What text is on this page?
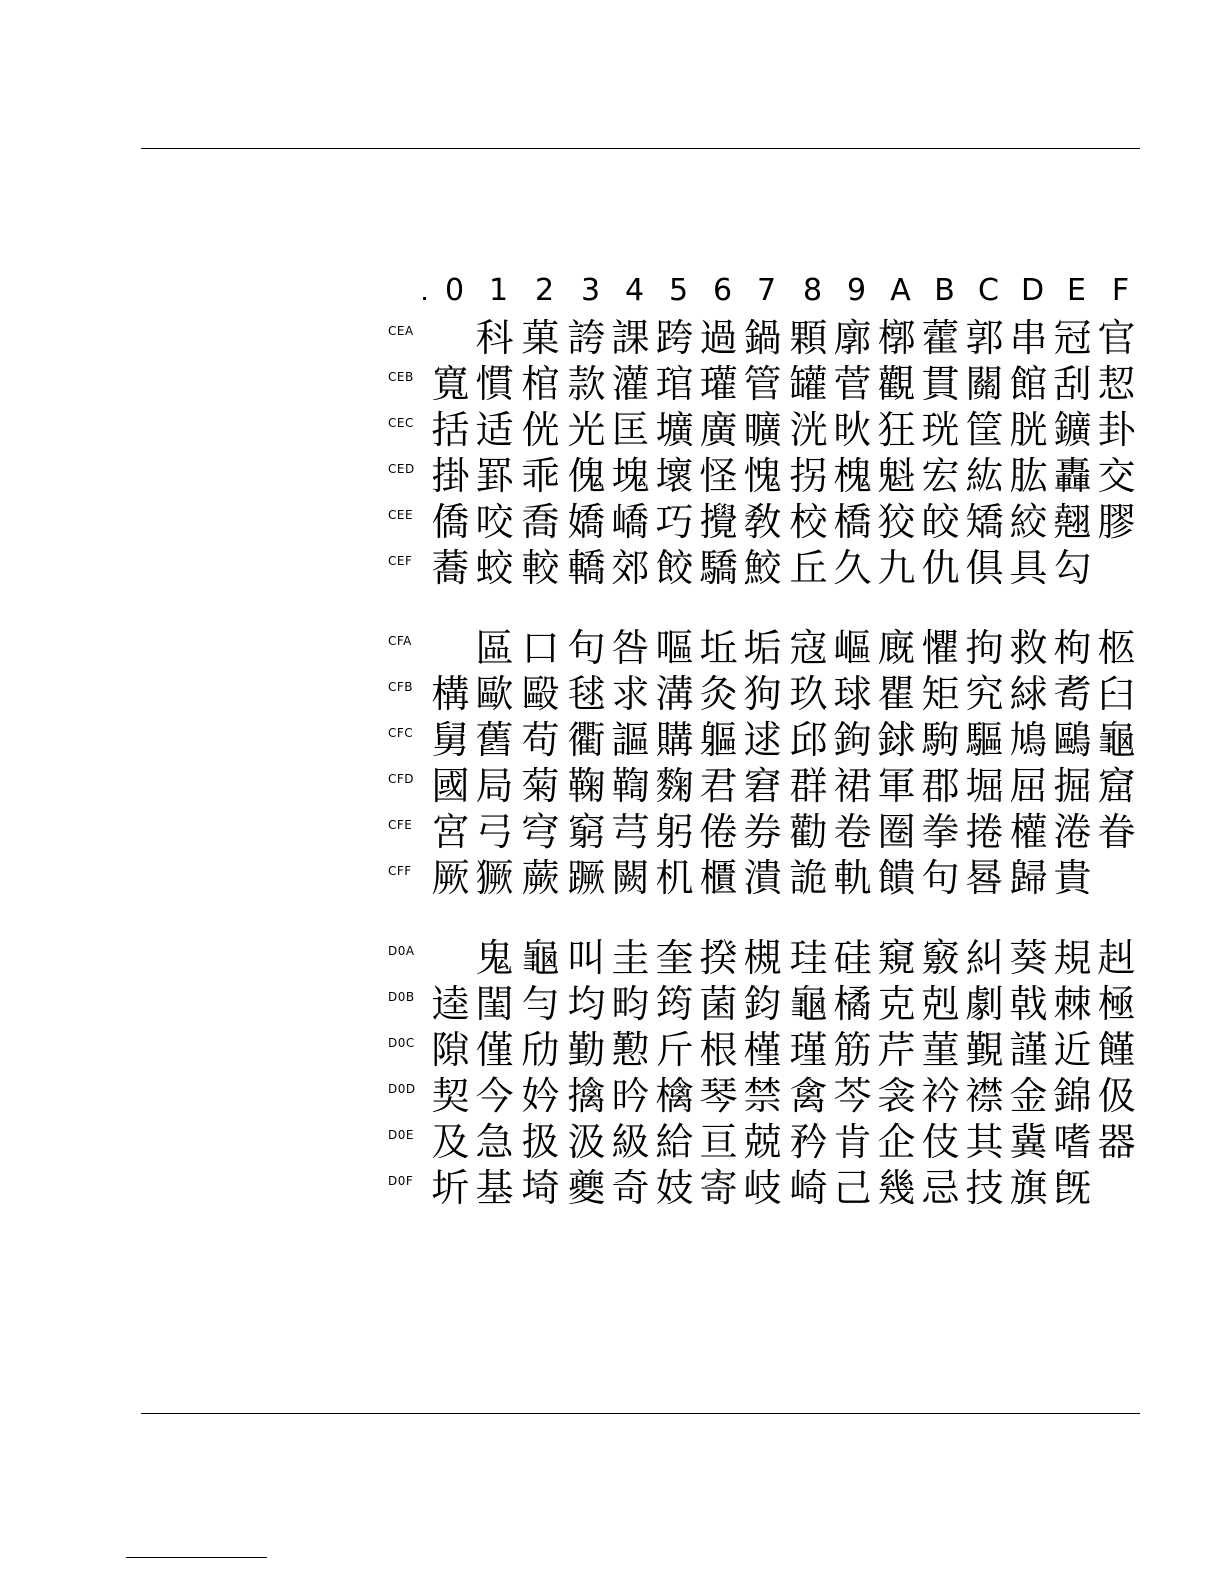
0 1 2 3 4 5 6 7 8 9 A B C D E F
CEA 科 菓 誇 課 跨 過 鍋 顆 廓 槨 藿 郭 串 冠 官
CEB 寬 慣 棺 款 灌 琯 瓘 管 罐 菅 觀 貫 關 館 刮 恝
CEC 括 适 侊 光 匡 壙 廣 曠 洸 炚 狂 珖 筐 胱 鑛 卦
CED 掛 罫 乖 傀 塊 壞 怪 愧 拐 槐 魁 宏 紘 肱 轟 交
CEE 僑 咬 喬 嬌 嶠 巧 攪 敎 校 橋 狡 皎 矯 絞 翹 膠
CEF 蕎 蛟 較 轎 郊 餃 驕 鮫 丘 久 九 仇 俱 具 勾
CFA 區 口 句 咎 嘔 坵 垢 寇 嶇 廐 懼 拘 救 枸 柩
CFB 構 歐 毆 毬 求 溝 灸 狗 玖 球 瞿 矩 究 絿 耉 臼
CFC 舅 舊 苟 衢 謳 購 軀 逑 邱 鉤 銶 駒 驅 鳩 鷗 龜
CFD 國 局 菊 鞠 鞫 麴 君 窘 群 裙 軍 郡 堀 屈 掘 窟
CFE 宮 弓 穹 窮 芎 躬 倦 券 勸 卷 圈 拳 捲 權 淃 眷
CFF 厥 獗 蕨 蹶 闕 机 櫃 潰 詭 軌 饋 句 晷 歸 貴
D0A 鬼 龜 叫 圭 奎 揆 槻 珪 硅 窺 竅 糾 葵 規 赳
D0B 逵 閨 勻 均 畇 筠 菌 鈞 龜 橘 克 剋 劇 戟 棘 極
D0C 隙 僅 劤 勤 懃 斤 根 槿 瑾 筋 芹 菫 覲 謹 近 饉
D0D 契 今 妗 擒 昑 檎 琴 禁 禽 芩 衾 衿 襟 金 錦 伋
D0E 及 急 扱 汲 級 給 亘 兢 矜 肯 企 伎 其 冀 嗜 器
D0F 圻 基 埼 夔 奇 妓 寄 岐 崎 己 幾 忌 技 旗 旣
